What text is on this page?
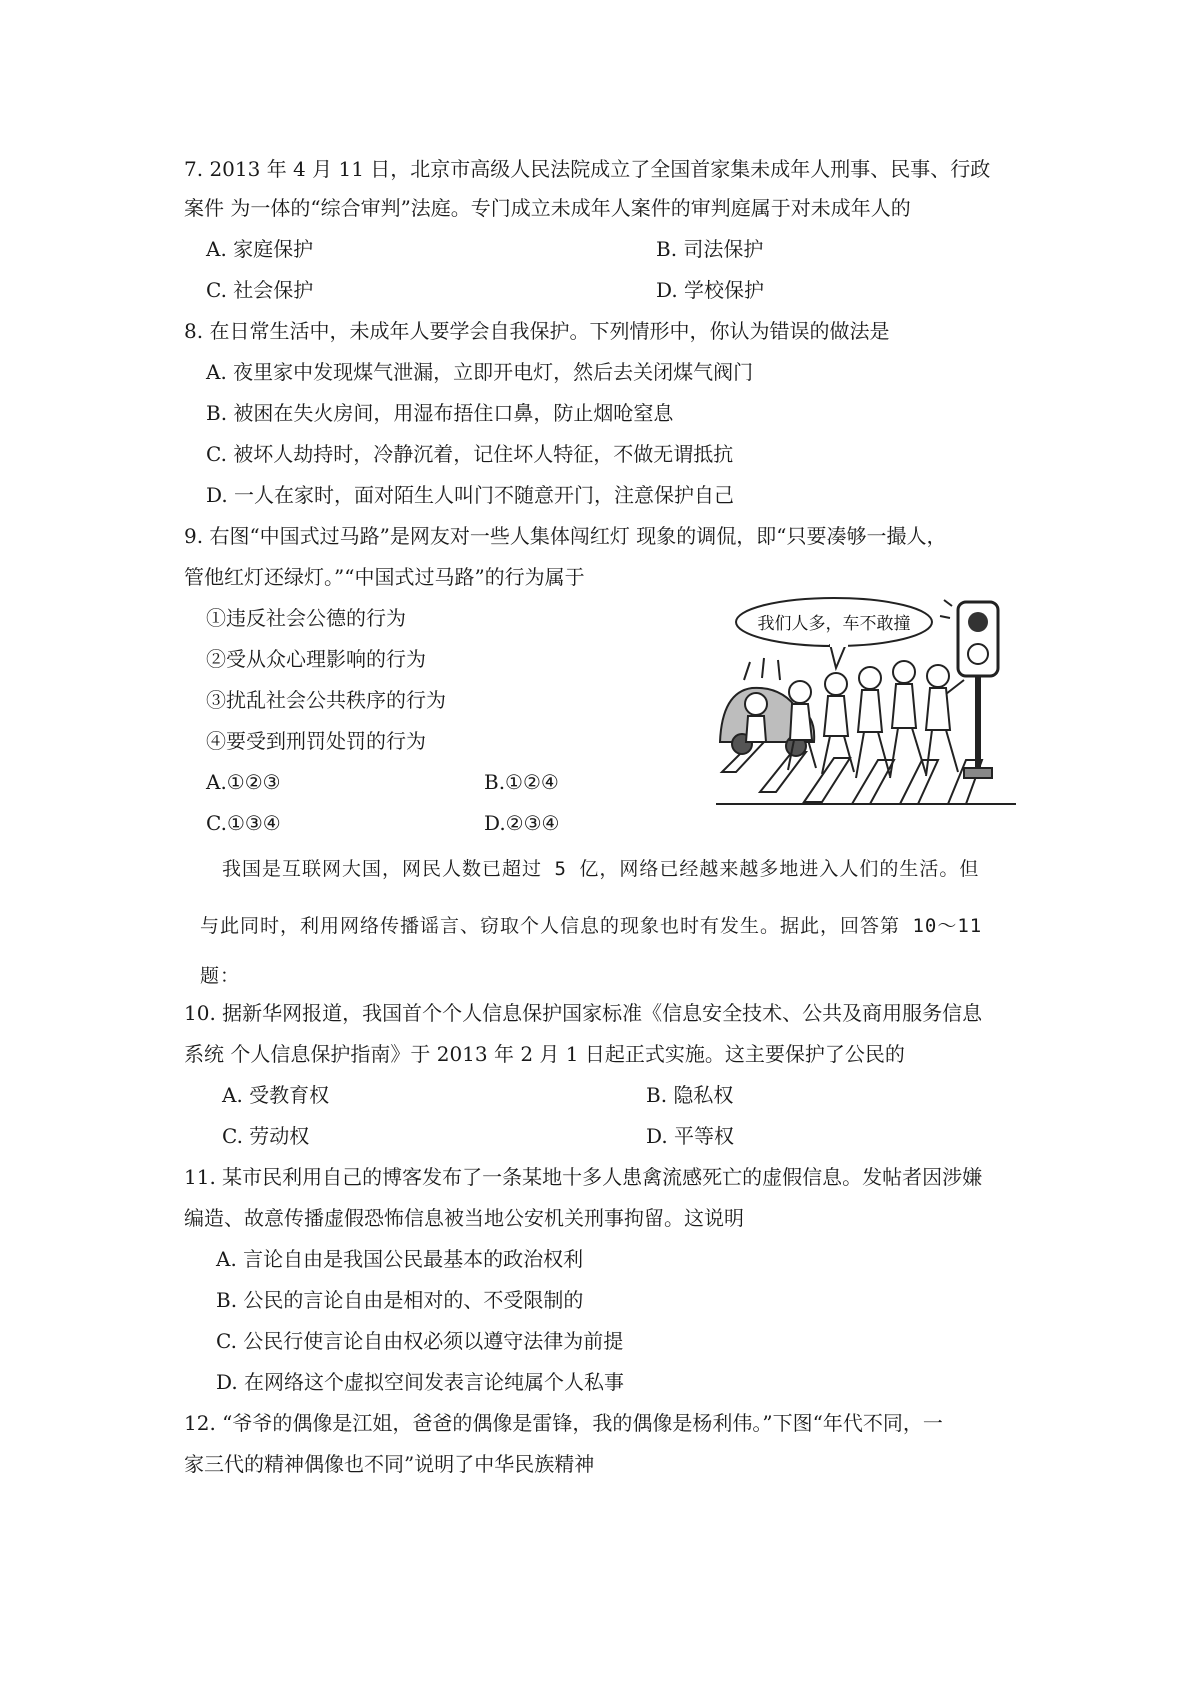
7. 2013 年 4 月 11 日，北京市高级人民法院成立了全国首家集未成年人刑事、民事、行政
案件 为一体的“综合审判”法庭。专门成立未成年人案件的审判庭属于对未成年人的
A. 家庭保护	B. 司法保护
C. 社会保护	D. 学校保护
8. 在日常生活中，未成年人要学会自我保护。下列情形中，你认为错误的做法是
A. 夜里家中发现煤气泄漏，立即开电灯，然后去关闭煤气阀门
B. 被困在失火房间，用湿布捂住口鼻，防止烟呛窒息
C. 被坏人劫持时，冷静沉着，记住坏人特征，不做无谓抵抗
D. 一人在家时，面对陌生人叫门不随意开门，注意保护自己
9. 右图“中国式过马路”是网友对一些人集体闯红灯 现象的调侃，即“只要凑够一撮人，
管他红灯还绿灯。”“中国式过马路”的行为属于
①违反社会公德的行为
②受从众心理影响的行为
③扰乱社会公共秩序的行为
④要受到刑罚处罚的行为
A.①②③	B.①②④
C.①③④	D.②③④
我们人多，车不敢撞
我国是互联网大国，网民人数已超过 5 亿，网络已经越来越多地进入人们的生活。但
与此同时，利用网络传播谣言、窃取个人信息的现象也时有发生。据此，回答第 10〜11
题：
10. 据新华网报道，我国首个个人信息保护国家标准《信息安全技术、公共及商用服务信息
系统 个人信息保护指南》于 2013 年 2 月 1 日起正式实施。这主要保护了公民的
A. 受教育权	B. 隐私权
C. 劳动权	D. 平等权
11. 某市民利用自己的博客发布了一条某地十多人患禽流感死亡的虚假信息。发帖者因涉嫌
编造、故意传播虚假恐怖信息被当地公安机关刑事拘留。这说明
A. 言论自由是我国公民最基本的政治权利
B. 公民的言论自由是相对的、不受限制的
C. 公民行使言论自由权必须以遵守法律为前提
D. 在网络这个虚拟空间发表言论纯属个人私事
12. “爷爷的偶像是江姐，爸爸的偶像是雷锋，我的偶像是杨利伟。”下图“年代不同，一
家三代的精神偶像也不同”说明了中华民族精神
